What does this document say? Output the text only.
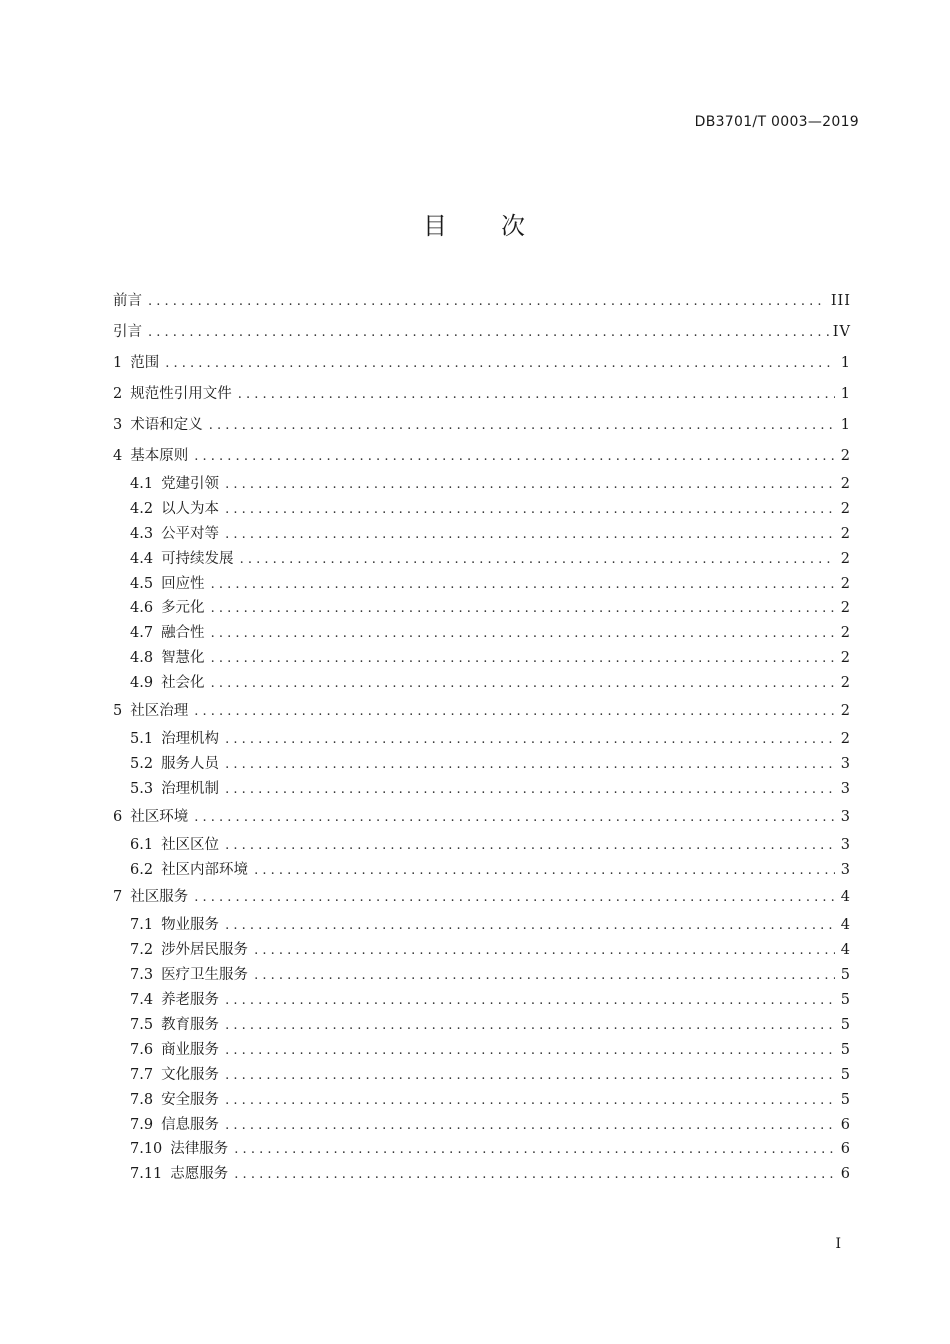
DB3701/T 0003—2019
目 次
前言 . . .	III
引言 . . .	IV
1 范围 . . .	1
2 规范性引用文件 . . .	1
3 术语和定义 . . .	1
4 基本原则 . . .	2
4.1 党建引领 . . .	2
4.2 以人为本 . . .	2
4.3 公平对等 . . .	2
4.4 可持续发展 . . .	2
4.5 回应性 . . .	2
4.6 多元化 . . .	2
4.7 融合性 . . .	2
4.8 智慧化 . . .	2
4.9 社会化 . . .	2
5 社区治理 . . .	2
5.1 治理机构 . . .	2
5.2 服务人员 . . .	3
5.3 治理机制 . . .	3
6 社区环境 . . .	3
6.1 社区区位 . . .	3
6.2 社区内部环境 . . .	3
7 社区服务 . . .	4
7.1 物业服务 . . .	4
7.2 涉外居民服务 . . .	4
7.3 医疗卫生服务 . . .	5
7.4 养老服务 . . .	5
7.5 教育服务 . . .	5
7.6 商业服务 . . .	5
7.7 文化服务 . . .	5
7.8 安全服务 . . .	5
7.9 信息服务 . . .	6
7.10 法律服务 . . .	6
7.11 志愿服务 . . .	6
I
